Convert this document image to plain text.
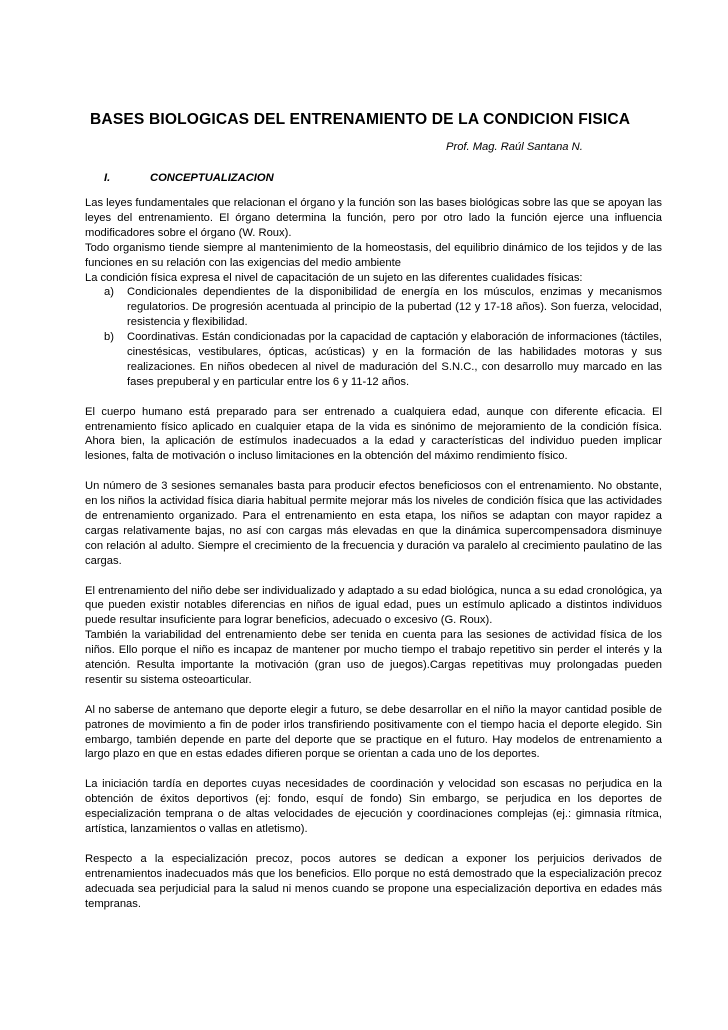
BASES BIOLOGICAS DEL ENTRENAMIENTO DE LA CONDICION FISICA
Prof. Mag. Raúl Santana N.
I.	CONCEPTUALIZACION

Las leyes fundamentales que relacionan el órgano y la función son las bases biológicas sobre las que se apoyan las leyes del entrenamiento. El órgano determina la función, pero por otro lado la función ejerce una influencia modificadores sobre el órgano (W. Roux).

Todo organismo tiende siempre al mantenimiento de la homeostasis, del equilibrio dinámico de los tejidos y de las funciones en su relación con las exigencias del medio ambiente

La condición física expresa el nivel de capacitación de un sujeto en las diferentes cualidades físicas:

a) Condicionales dependientes de la disponibilidad de energía en los músculos, enzimas y mecanismos regulatorios. De progresión acentuada al principio de la pubertad (12 y 17-18 años). Son fuerza, velocidad, resistencia y flexibilidad.
b) Coordinativas. Están condicionadas por la capacidad de captación y elaboración de informaciones (táctiles, cinestésicas, vestibulares, ópticas, acústicas) y en la formación de las habilidades motoras y sus realizaciones. En niños obedecen al nivel de maduración del S.N.C., con desarrollo muy marcado en las fases prepuberal y en particular entre los 6 y 11-12 años.

El cuerpo humano está preparado para ser entrenado a cualquiera edad, aunque con diferente eficacia. El entrenamiento físico aplicado en cualquier etapa de la vida es sinónimo de mejoramiento de la condición física. Ahora bien, la aplicación de estímulos inadecuados a la edad y características del individuo pueden implicar lesiones, falta de motivación o incluso limitaciones en la obtención del máximo rendimiento físico.

Un número de 3 sesiones semanales basta para producir efectos beneficiosos con el entrenamiento. No obstante, en los niños la actividad física diaria habitual permite mejorar más los niveles de condición física que las actividades de entrenamiento organizado. Para el entrenamiento en esta etapa, los niños se adaptan con mayor rapidez a cargas relativamente bajas, no así con cargas más elevadas en que la dinámica supercompensadora disminuye con relación al adulto. Siempre el crecimiento de la frecuencia y duración va paralelo al crecimiento paulatino de las cargas.

El entrenamiento del niño debe ser individualizado y adaptado a su edad biológica, nunca a su edad cronológica, ya que pueden existir notables diferencias en niños de igual edad, pues un estímulo aplicado a distintos individuos puede resultar insuficiente para lograr beneficios, adecuado o excesivo (G. Roux).

También la variabilidad del entrenamiento debe ser tenida en cuenta para las sesiones de actividad física de los niños. Ello porque el niño es incapaz de mantener por mucho tiempo el trabajo repetitivo sin perder el interés y la atención. Resulta importante la motivación (gran uso de juegos).Cargas repetitivas muy prolongadas pueden resentir su sistema osteoarticular.

Al no saberse de antemano que deporte elegir a futuro, se debe desarrollar en el niño la mayor cantidad posible de patrones de movimiento a fin de poder irlos transfiriendo positivamente con el tiempo hacia el deporte elegido. Sin embargo, también depende en parte del deporte que se practique en el futuro. Hay modelos de entrenamiento a largo plazo en que en estas edades difieren porque se orientan a cada uno de los deportes.

La iniciación tardía en deportes cuyas necesidades de coordinación y velocidad son escasas no perjudica en la obtención de éxitos deportivos (ej: fondo, esquí de fondo) Sin embargo, se perjudica en los deportes de especialización temprana o de altas velocidades de ejecución y coordinaciones complejas (ej.: gimnasia rítmica, artística, lanzamientos o vallas en atletismo).

Respecto a la especialización precoz, pocos autores se dedican a exponer los perjuicios derivados de entrenamientos inadecuados más que los beneficios. Ello porque no está demostrado que la especialización precoz adecuada sea perjudicial para la salud ni menos cuando se propone una especialización deportiva en edades más tempranas.
